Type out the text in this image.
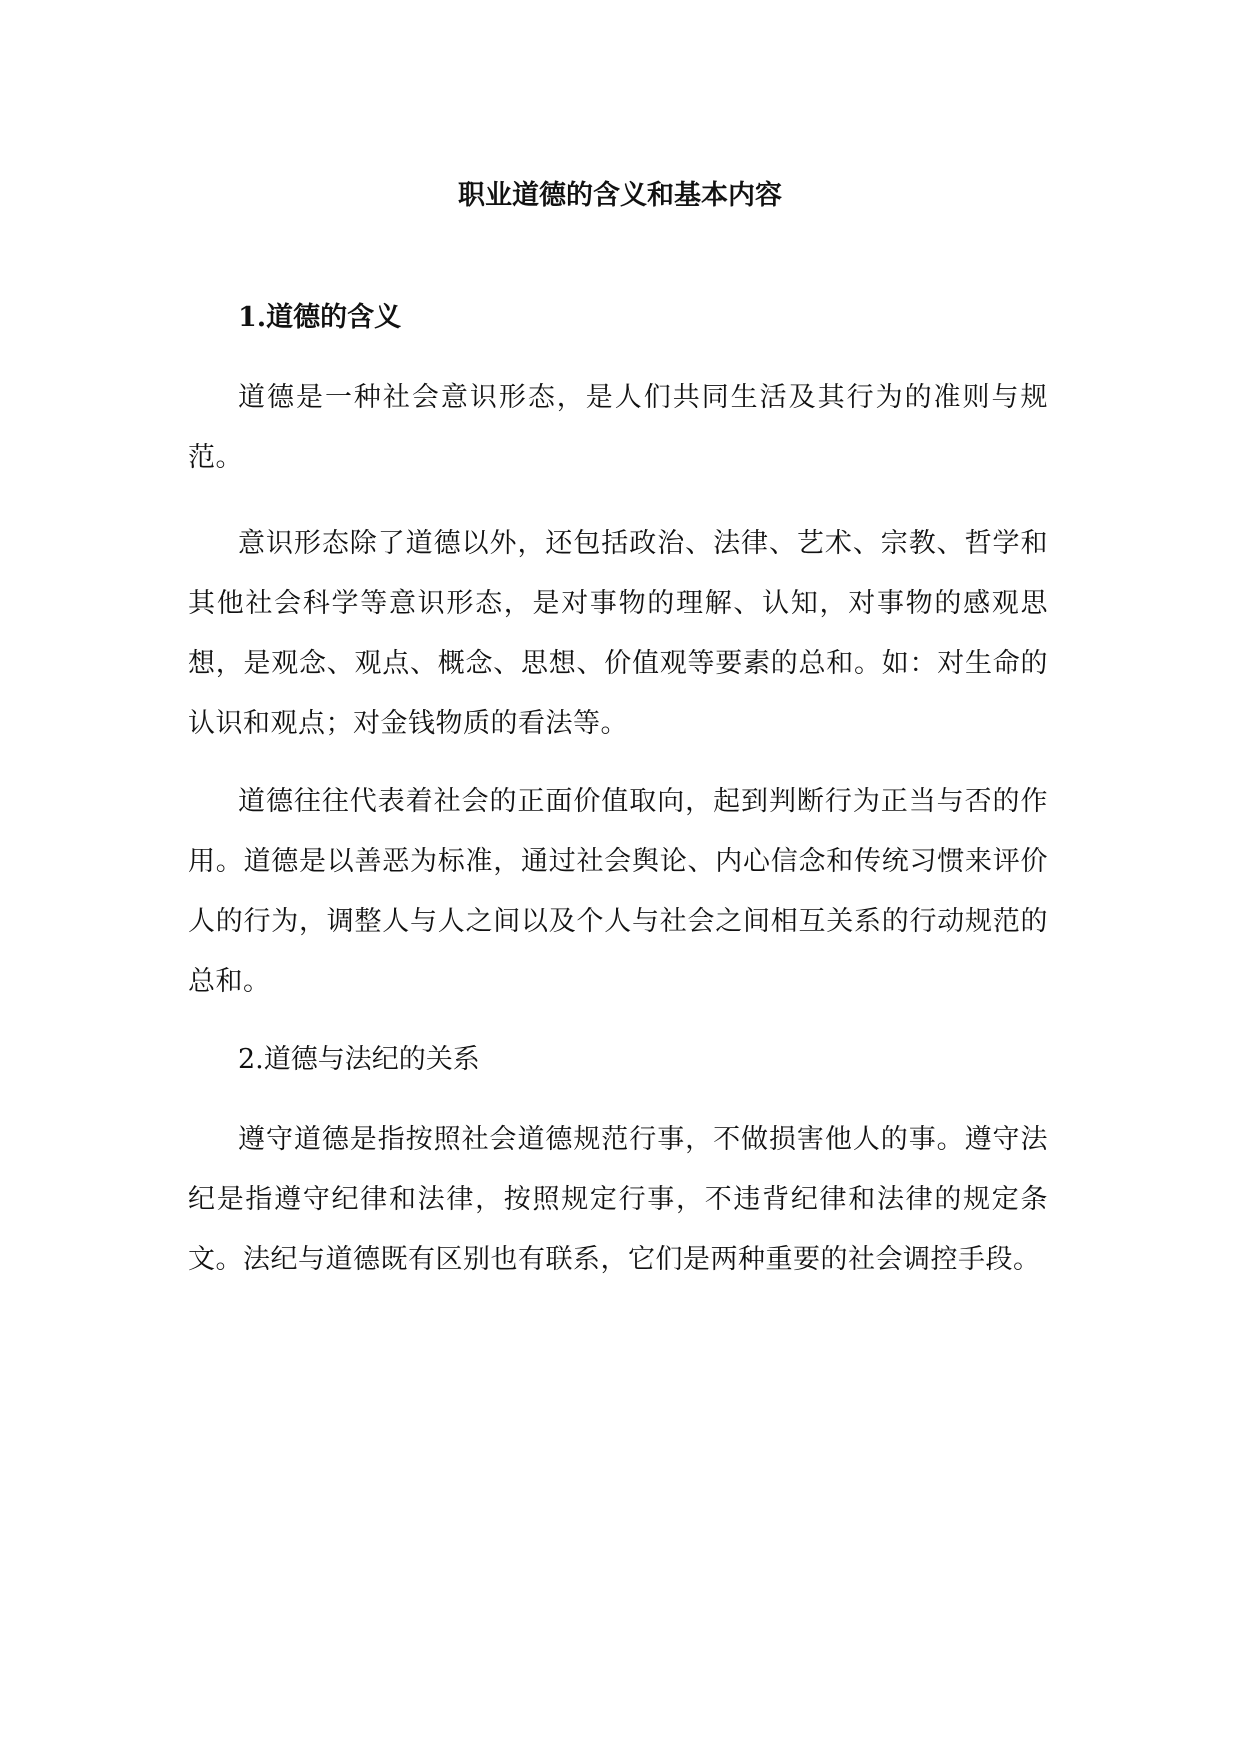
职业道德的含义和基本内容
1.道德的含义

道德是一种社会意识形态，是人们共同生活及其行为的准则与规范。

意识形态除了道德以外，还包括政治、法律、艺术、宗教、哲学和其他社会科学等意识形态，是对事物的理解、认知，对事物的感观思想，是观念、观点、概念、思想、价值观等要素的总和。如：对生命的认识和观点；对金钱物质的看法等。

道德往往代表着社会的正面价值取向，起到判断行为正当与否的作用。道德是以善恶为标准，通过社会舆论、内心信念和传统习惯来评价人的行为，调整人与人之间以及个人与社会之间相互关系的行动规范的总和。

2.道德与法纪的关系

遵守道德是指按照社会道德规范行事，不做损害他人的事。遵守法纪是指遵守纪律和法律，按照规定行事，不违背纪律和法律的规定条文。法纪与道德既有区别也有联系，它们是两种重要的社会调控手段。
